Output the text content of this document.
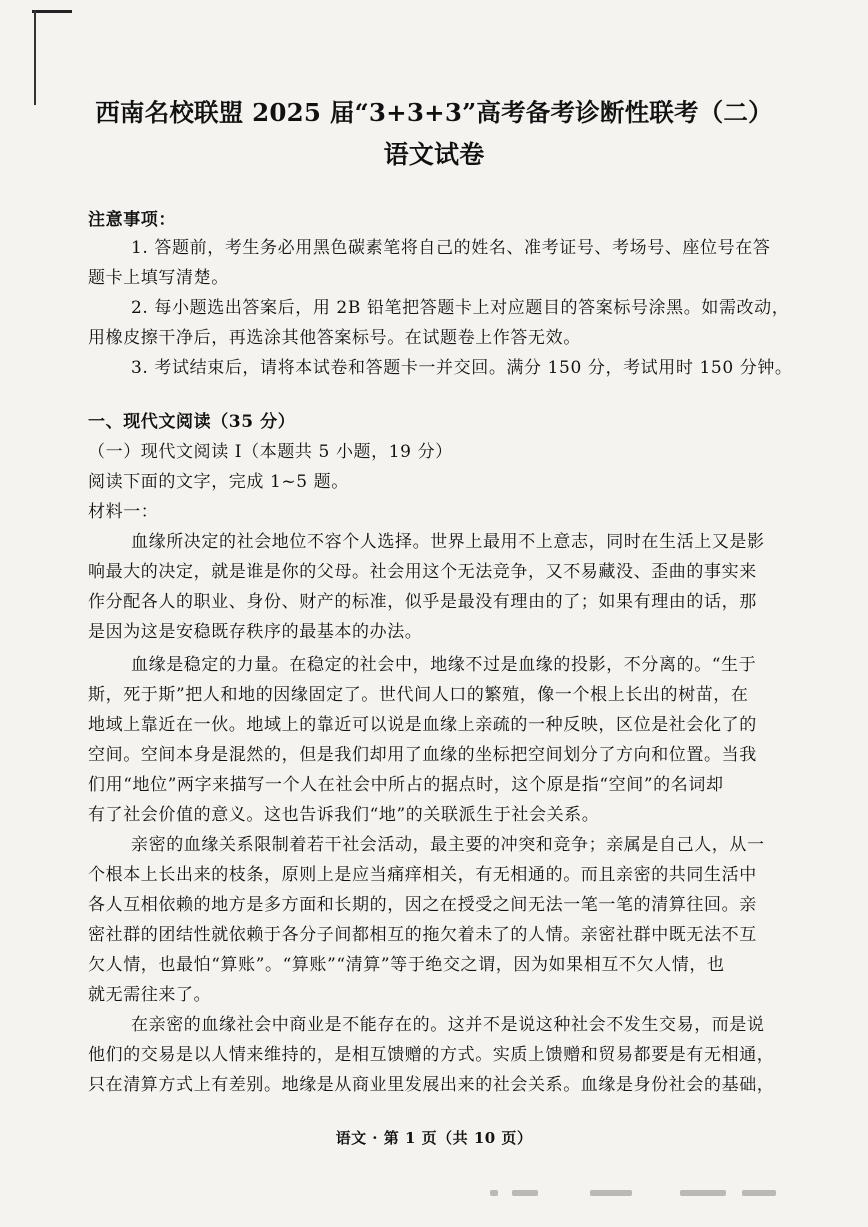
西南名校联盟 2025 届“3+3+3”高考备考诊断性联考（二）
语文试卷
注意事项：
1. 答题前，考生务必用黑色碳素笔将自己的姓名、准考证号、考场号、座位号在答
题卡上填写清楚。
2. 每小题选出答案后，用 2B 铅笔把答题卡上对应题目的答案标号涂黑。如需改动，
用橡皮擦干净后，再选涂其他答案标号。在试题卷上作答无效。
3. 考试结束后，请将本试卷和答题卡一并交回。满分 150 分，考试用时 150 分钟。
一、现代文阅读（35 分）
（一）现代文阅读 I（本题共 5 小题，19 分）
阅读下面的文字，完成 1~5 题。
材料一：
血缘所决定的社会地位不容个人选择。世界上最用不上意志，同时在生活上又是影
响最大的决定，就是谁是你的父母。社会用这个无法竞争，又不易藏没、歪曲的事实来
作分配各人的职业、身份、财产的标准，似乎是最没有理由的了；如果有理由的话，那
是因为这是安稳既存秩序的最基本的办法。
血缘是稳定的力量。在稳定的社会中，地缘不过是血缘的投影，不分离的。“生于
斯，死于斯”把人和地的因缘固定了。世代间人口的繁殖，像一个根上长出的树苗，在
地域上靠近在一伙。地域上的靠近可以说是血缘上亲疏的一种反映，区位是社会化了的
空间。空间本身是混然的，但是我们却用了血缘的坐标把空间划分了方向和位置。当我
们用“地位”两字来描写一个人在社会中所占的据点时，这个原是指“空间”的名词却
有了社会价值的意义。这也告诉我们“地”的关联派生于社会关系。
亲密的血缘关系限制着若干社会活动，最主要的冲突和竞争；亲属是自己人，从一
个根本上长出来的枝条，原则上是应当痛痒相关，有无相通的。而且亲密的共同生活中
各人互相依赖的地方是多方面和长期的，因之在授受之间无法一笔一笔的清算往回。亲
密社群的团结性就依赖于各分子间都相互的拖欠着未了的人情。亲密社群中既无法不互
欠人情，也最怕“算账”。“算账”“清算”等于绝交之谓，因为如果相互不欠人情，也
就无需往来了。
在亲密的血缘社会中商业是不能存在的。这并不是说这种社会不发生交易，而是说
他们的交易是以人情来维持的，是相互馈赠的方式。实质上馈赠和贸易都要是有无相通，
只在清算方式上有差别。地缘是从商业里发展出来的社会关系。血缘是身份社会的基础，
语文 · 第 1 页（共 10 页）
